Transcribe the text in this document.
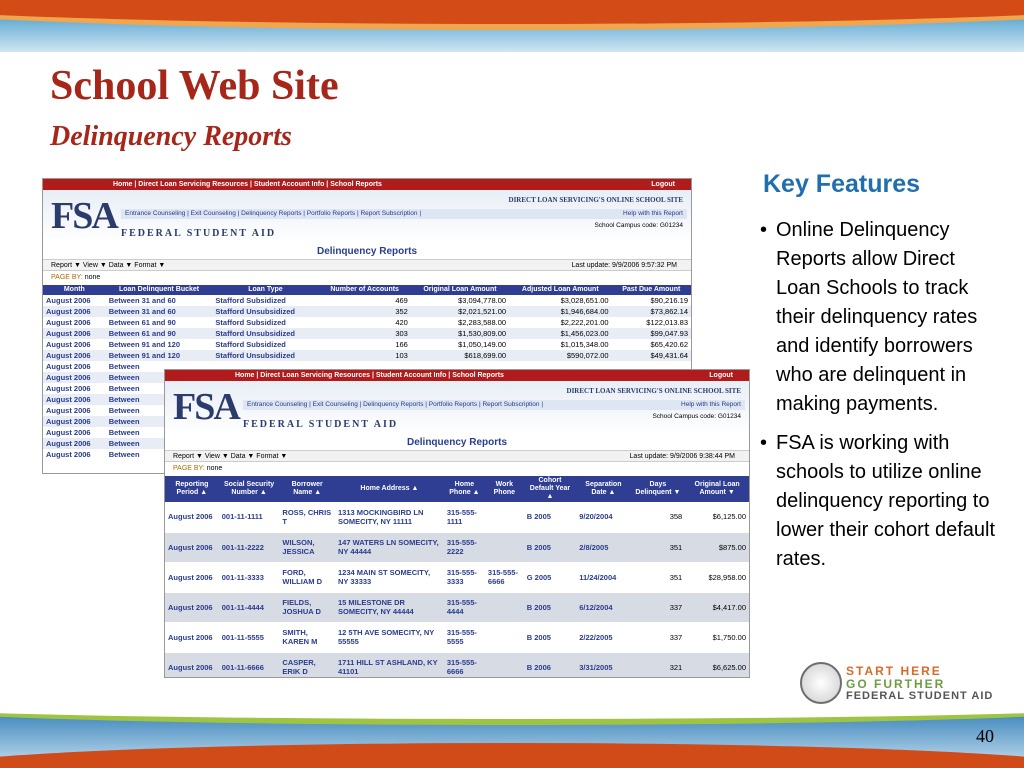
School Web Site
Delinquency Reports
Home | Direct Loan Servicing Resources | Student Account Info | School Reports	Logout
FSA FEDERAL STUDENT AID
DIRECT LOAN SERVICING'S ONLINE SCHOOL SITE
Entrance Counseling | Exit Counseling | Delinquency Reports | Portfolio Reports | Report Subscription |	Help with this Report
School Campus code: G01234
Delinquency Reports
Report ▼ View ▼ Data ▼ Format ▼	Last update: 9/9/2006 9:57:32 PM
PAGE BY: none
Month	Loan Delinquent Bucket	Loan Type	Number of Accounts	Original Loan Amount	Adjusted Loan Amount	Past Due Amount
August 2006	Between 31 and 60	Stafford Subsidized	469	$3,094,778.00	$3,028,651.00	$90,216.19
August 2006	Between 31 and 60	Stafford Unsubsidized	352	$2,021,521.00	$1,946,684.00	$73,862.14
August 2006	Between 61 and 90	Stafford Subsidized	420	$2,283,588.00	$2,222,201.00	$122,013.83
August 2006	Between 61 and 90	Stafford Unsubsidized	303	$1,530,809.00	$1,456,023.00	$99,047.93
August 2006	Between 91 and 120	Stafford Subsidized	166	$1,050,149.00	$1,015,348.00	$65,420.62
August 2006	Between 91 and 120	Stafford Unsubsidized	103	$618,699.00	$590,072.00	$49,431.64
August 2006	Between					
August 2006	Between					
August 2006	Between					
August 2006	Between					
August 2006	Between					
August 2006	Between					
August 2006	Between					
August 2006	Between					
August 2006	Between					
Home | Direct Loan Servicing Resources | Student Account Info | School Reports	Logout
FSA FEDERAL STUDENT AID
DIRECT LOAN SERVICING'S ONLINE SCHOOL SITE
Entrance Counseling | Exit Counseling | Delinquency Reports | Portfolio Reports | Report Subscription |	Help with this Report
School Campus code: G01234
Delinquency Reports
Report ▼ View ▼ Data ▼ Format ▼	Last update: 9/9/2006 9:38:44 PM
PAGE BY: none
Reporting Period ▲	Social Security Number ▲	Borrower Name ▲	Home Address ▲	Home Phone ▲	Work Phone	Cohort Default Year ▲	Separation Date ▲	Days Delinquent ▼	Original Loan Amount ▼
August 2006	001-11-1111	ROSS, CHRIS T	1313 MOCKINGBIRD LN SOMECITY, NY 11111	315-555-1111		B 2005	9/20/2004	358	$6,125.00
August 2006	001-11-2222	WILSON, JESSICA	147 WATERS LN SOMECITY, NY 44444	315-555-2222		B 2005	2/8/2005	351	$875.00
August 2006	001-11-3333	FORD, WILLIAM D	1234 MAIN ST SOMECITY, NY 33333	315-555-3333	315-555-6666	G 2005	11/24/2004	351	$28,958.00
August 2006	001-11-4444	FIELDS, JOSHUA D	15 MILESTONE DR SOMECITY, NY 44444	315-555-4444		B 2005	6/12/2004	337	$4,417.00
August 2006	001-11-5555	SMITH, KAREN M	12 5TH AVE SOMECITY, NY 55555	315-555-5555		B 2005	2/22/2005	337	$1,750.00
August 2006	001-11-6666	CASPER, ERIK D	1711 HILL ST ASHLAND, KY 41101	315-555-6666		B 2006	3/31/2005	321	$6,625.00
Key Features
• Online Delinquency Reports allow Direct Loan Schools to track their delinquency rates and identify borrowers who are delinquent in making payments.
• FSA is working with schools to utilize online delinquency reporting to lower their cohort default rates.
START HERE
GO FURTHER
FEDERAL STUDENT AID
40
